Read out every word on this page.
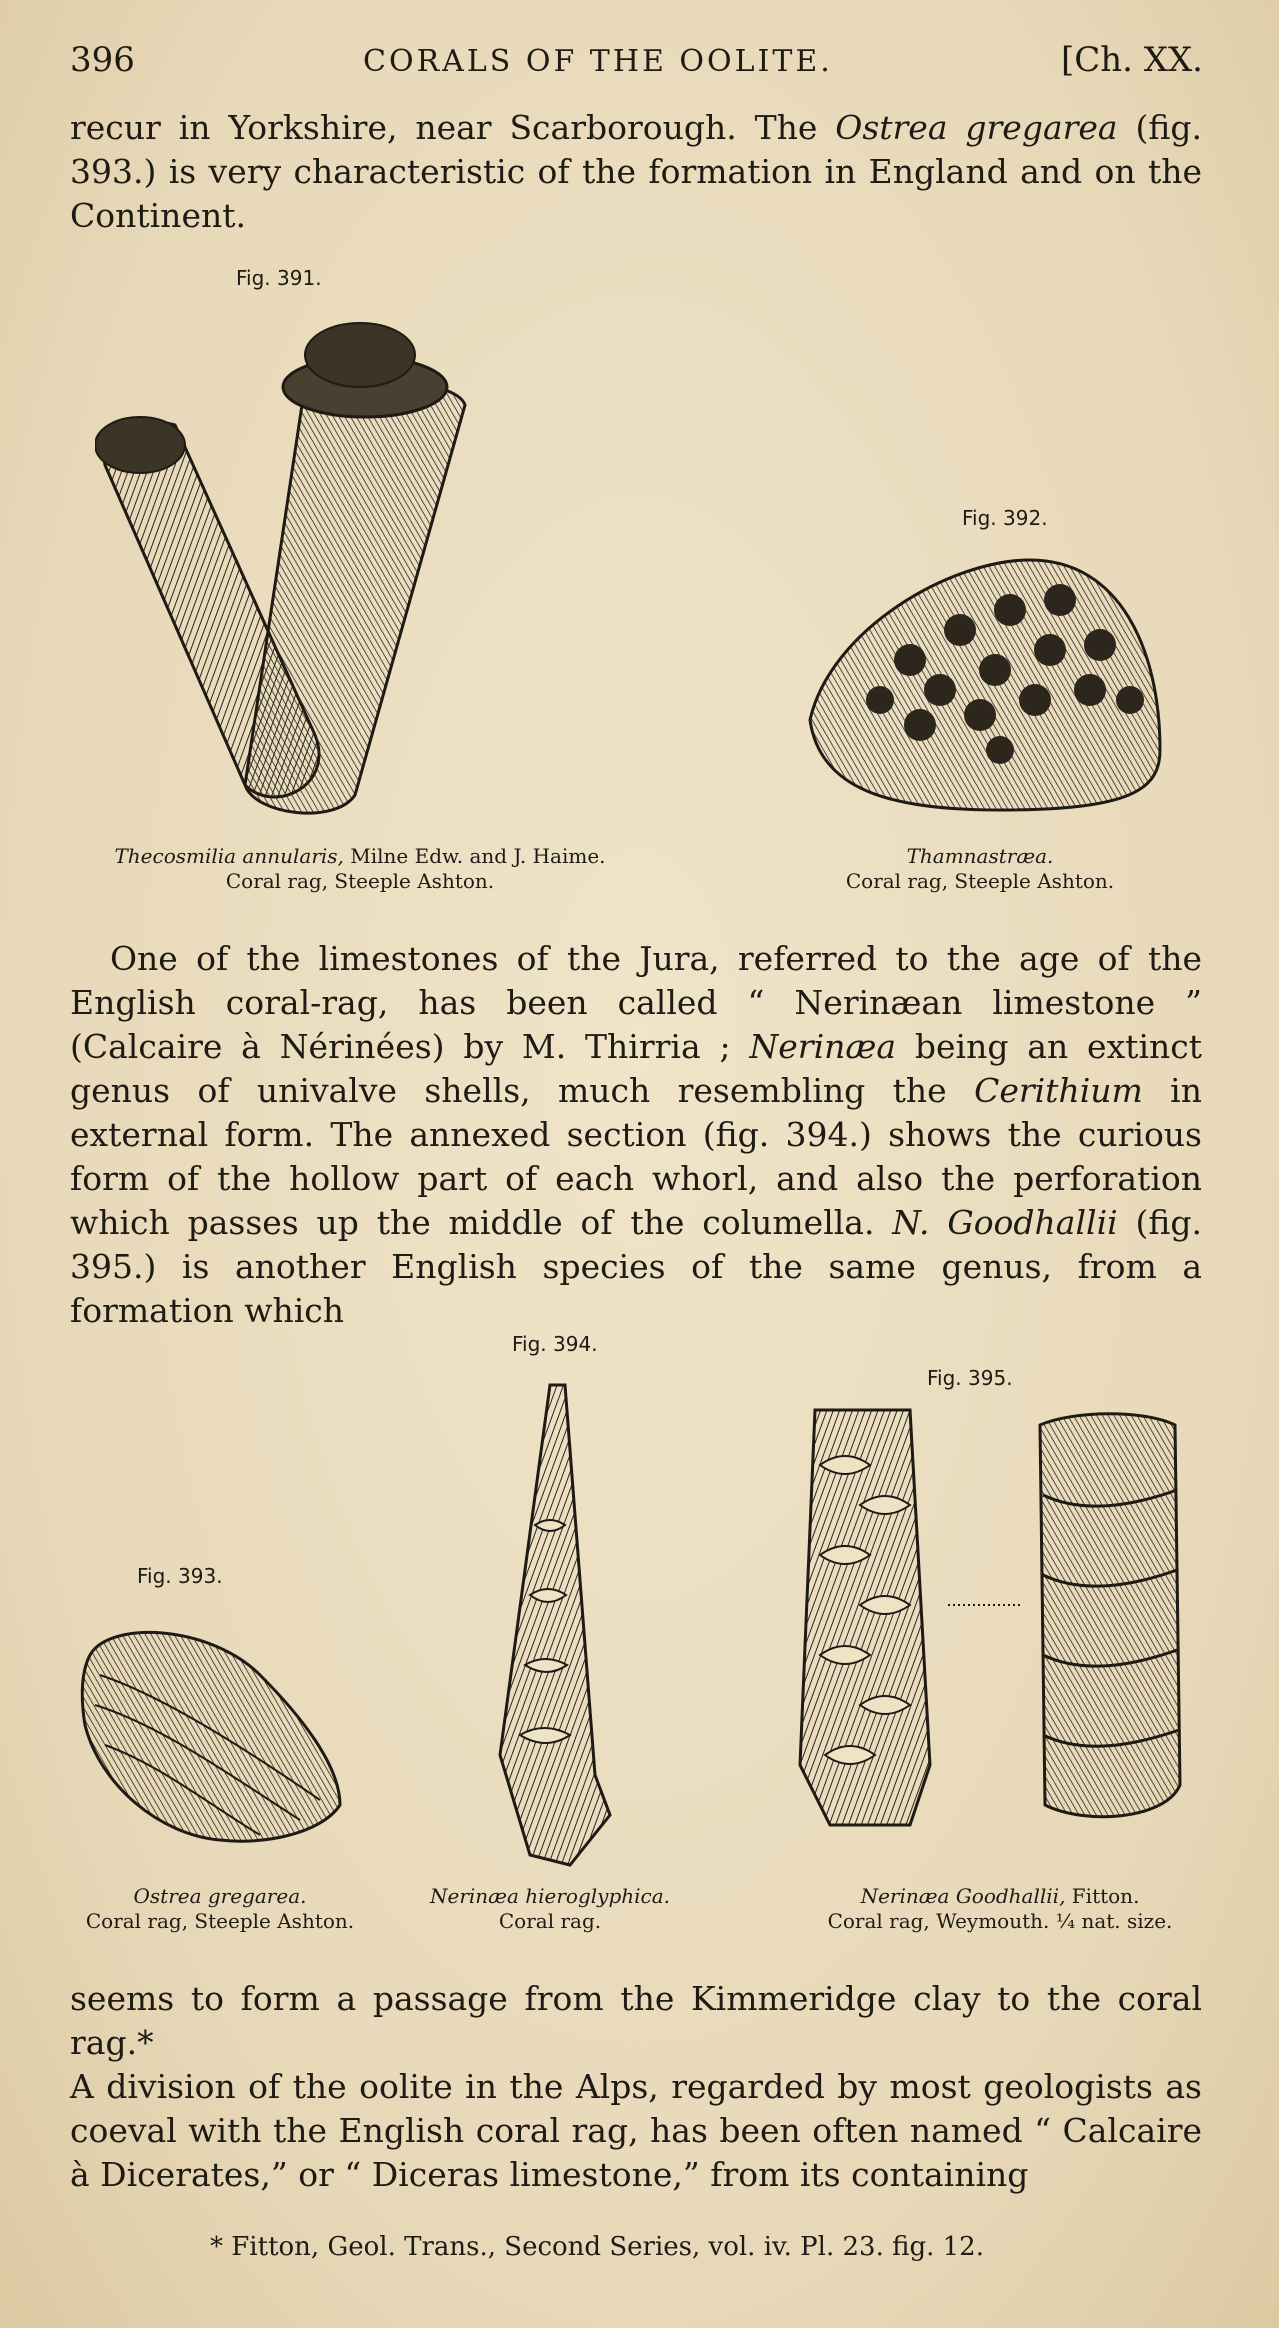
396	CORALS OF THE OOLITE.	[Ch. XX.
recur in Yorkshire, near Scarborough. The Ostrea gregarea (fig. 393.) is very characteristic of the formation in England and on the Continent.
Fig. 391.
Fig. 392.
Thecosmilia annularis, Milne Edw. and J. Haime.
Coral rag, Steeple Ashton.
Thamnastræa.
Coral rag, Steeple Ashton.
One of the limestones of the Jura, referred to the age of the English coral-rag, has been called “ Nerinæan limestone ” (Calcaire à Nérinées) by M. Thirria ; Nerinæa being an extinct genus of univalve shells, much resembling the Cerithium in external form. The annexed section (fig. 394.) shows the curious form of the hollow part of each whorl, and also the perforation which passes up the middle of the columella. N. Goodhallii (fig. 395.) is another English species of the same genus, from a formation which
Fig. 394.
Fig. 393.
Fig. 395.
Ostrea gregarea.
Coral rag, Steeple Ashton.
Nerinæa hieroglyphica.
Coral rag.
Nerinæa Goodhallii, Fitton.
Coral rag, Weymouth. ¼ nat. size.
seems to form a passage from the Kimmeridge clay to the coral rag.*
A division of the oolite in the Alps, regarded by most geologists as coeval with the English coral rag, has been often named “ Calcaire à Dicerates,” or “ Diceras limestone,” from its containing
* Fitton, Geol. Trans., Second Series, vol. iv. Pl. 23. fig. 12.
